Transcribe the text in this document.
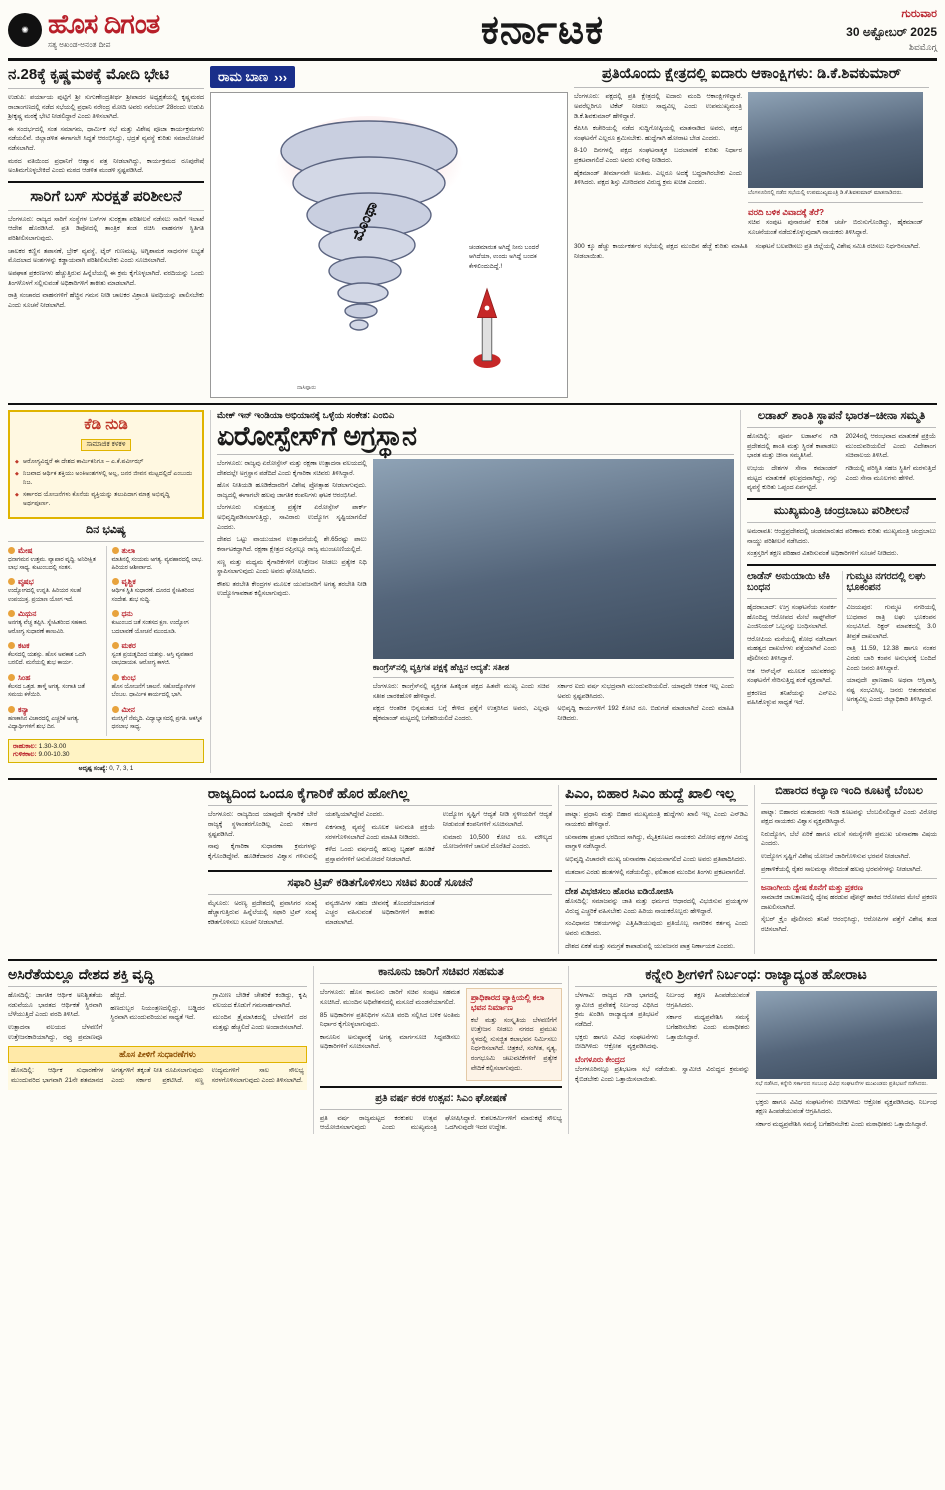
✺ ಹೊಸ ದಿಗಂತ
ಸತ್ಯ ಅಖಂಡ-ಅನಂತ ದೀಪ	ಕರ್ನಾಟಕ	ಗುರುವಾರ
30 ಅಕ್ಟೋಬರ್ 2025
ಶಿವಮೊಗ್ಗ
ನ.28ಕ್ಕೆ ಕೃಷ್ಣಮಠಕ್ಕೆ ಮೋದಿ ಭೇಟಿ

ಉಡುಪಿ: ಪರ್ಯಾಯ ಪುಟ್ಟಿಗೆ ಶ್ರೀ ಸುಗುಣೇಂದ್ರತೀರ್ಥ ಶ್ರೀಪಾದರ ಅಧ್ಯಕ್ಷತೆಯಲ್ಲಿ ಕೃಷ್ಣಮಠದ ರಾಜಾಂಗಣದಲ್ಲಿ ನಡೆದ ಸಭೆಯಲ್ಲಿ ಪ್ರಧಾನಿ ನರೇಂದ್ರ ಮೋದಿ ಅವರು ನವೆಂಬರ್ 28ರಂದು ಉಡುಪಿ ಶ್ರೀಕೃಷ್ಣ ಮಠಕ್ಕೆ ಭೇಟಿ ನೀಡಲಿದ್ದಾರೆ ಎಂದು ತಿಳಿಸಲಾಗಿದೆ.

ಈ ಸಂದರ್ಭದಲ್ಲಿ ಸಂತ ಸಮಾಗಮ, ಧಾರ್ಮಿಕ ಸಭೆ ಮತ್ತು ವಿಶೇಷ ಪೂಜಾ ಕಾರ್ಯಕ್ರಮಗಳು ನಡೆಯಲಿವೆ. ಜಿಲ್ಲಾಡಳಿತ ಈಗಾಗಲೇ ಸಿದ್ಧತೆ ಆರಂಭಿಸಿದ್ದು, ಭದ್ರತೆ ವ್ಯವಸ್ಥೆ ಕುರಿತು ಸಮಾಲೋಚನೆ ನಡೆಸಲಾಗಿದೆ.

ಮಠದ ವತಿಯಿಂದ ಪ್ರಧಾನಿಗೆ ಆಹ್ವಾನ ಪತ್ರ ನೀಡಲಾಗಿದ್ದು, ಕಾರ್ಯಕ್ರಮದ ರೂಪುರೇಷೆ ಅಂತಿಮಗೊಳ್ಳಬೇಕಿದೆ ಎಂದು ಮಠದ ಆಡಳಿತ ಮಂಡಳಿ ಸ್ಪಷ್ಟಪಡಿಸಿದೆ.

ಸಾರಿಗೆ ಬಸ್ ಸುರಕ್ಷತೆ ಪರಿಶೀಲನೆ

ಬೆಂಗಳೂರು: ರಾಜ್ಯದ ಸಾರಿಗೆ ಸಂಸ್ಥೆಗಳ ಬಸ್‌ಗಳ ಸುರಕ್ಷತಾ ಪರಿಶೀಲನೆ ನಡೆಸಲು ಸಾರಿಗೆ ಇಲಾಖೆ ಆದೇಶ ಹೊರಡಿಸಿದೆ. ಪ್ರತಿ ಡಿಪೋದಲ್ಲಿ ತಾಂತ್ರಿಕ ತಂಡ ರಚಿಸಿ ವಾಹನಗಳ ಸ್ಥಿತಿಗತಿ ಪರಿಶೀಲಿಸಲಾಗುವುದು.

ಚಾಲಕರ ಕಣ್ಣಿನ ತಪಾಸಣೆ, ಬ್ರೇಕ್ ವ್ಯವಸ್ಥೆ, ಟೈರ್ ಗುಣಮಟ್ಟ, ಅಗ್ನಿಶಾಮಕ ಸಾಧನಗಳ ಲಭ್ಯತೆ ಮೊದಲಾದ ಅಂಶಗಳನ್ನು ಕಡ್ಡಾಯವಾಗಿ ಪರಿಶೀಲಿಸಬೇಕು ಎಂದು ಸೂಚಿಸಲಾಗಿದೆ.

ಅಪಘಾತ ಪ್ರಕರಣಗಳು ಹೆಚ್ಚುತ್ತಿರುವ ಹಿನ್ನೆಲೆಯಲ್ಲಿ ಈ ಕ್ರಮ ಕೈಗೊಳ್ಳಲಾಗಿದೆ. ವರದಿಯನ್ನು ಒಂದು ತಿಂಗಳೊಳಗೆ ಸಲ್ಲಿಸುವಂತೆ ಅಧಿಕಾರಿಗಳಿಗೆ ತಾಕೀತು ಮಾಡಲಾಗಿದೆ.

ರಾತ್ರಿ ಸಂಚಾರದ ವಾಹನಗಳಿಗೆ ಹೆಚ್ಚಿನ ಗಮನ ನೀಡಿ ಚಾಲಕರ ವಿಶ್ರಾಂತಿ ಅವಧಿಯನ್ನು ಪಾಲಿಸಬೇಕು ಎಂದು ಸೂಚನೆ ನೀಡಲಾಗಿದೆ.

ರಾಮ ಬಾಣ ›››
ಮೊಂಥಾ
ಚಂಡಮಾರುತ ಅಗಿದ್ದೆ ನೀನು ಬಂದರೆ ಆಗಿದೆಯಾ, ಉಂದು ಅಗಿದ್ದೆ ಬಂದಕ ಕೇಳಿಲಿಂದುದಿದ್ದೆ.!
ದಾಸಿಪ್ಪಾರು
ಪ್ರತಿಯೊಂದು ಕ್ಷೇತ್ರದಲ್ಲಿ ಐದಾರು ಆಕಾಂಕ್ಷಿಗಳು: ಡಿ.ಕೆ.ಶಿವಕುಮಾರ್

ಬೆಂಗಳೂರು: ಪಕ್ಷದಲ್ಲಿ ಪ್ರತಿ ಕ್ಷೇತ್ರದಲ್ಲಿ ಐದಾರು ಮಂದಿ ಆಕಾಂಕ್ಷಿಗಳಿದ್ದಾರೆ. ಅವರೆಲ್ಲರಿಗೂ ಟಿಕೆಟ್ ನೀಡಲು ಸಾಧ್ಯವಿಲ್ಲ ಎಂದು ಉಪಮುಖ್ಯಮಂತ್ರಿ ಡಿ.ಕೆ.ಶಿವಕುಮಾರ್ ಹೇಳಿದ್ದಾರೆ.

ಕೆಪಿಸಿಸಿ ಕಚೇರಿಯಲ್ಲಿ ನಡೆದ ಸುದ್ದಿಗೋಷ್ಠಿಯಲ್ಲಿ ಮಾತನಾಡಿದ ಅವರು, ಪಕ್ಷದ ಸಂಘಟನೆಗೆ ಎಲ್ಲರೂ ಶ್ರಮಿಸಬೇಕು. ಹುದ್ದೆಗಾಗಿ ಹೋರಾಟ ಬೇಡ ಎಂದರು.

8-10 ದಿನಗಳಲ್ಲಿ ಪಕ್ಷದ ಸಂಘಟನಾತ್ಮಕ ಬದಲಾವಣೆ ಕುರಿತು ನಿರ್ಧಾರ ಪ್ರಕಟವಾಗಲಿದೆ ಎಂದು ಅವರು ಸುಳಿವು ನೀಡಿದರು.

ಹೈಕಮಾಂಡ್ ತೀರ್ಮಾನವೇ ಅಂತಿಮ. ಎಲ್ಲರೂ ಅದಕ್ಕೆ ಬದ್ಧರಾಗಿರಬೇಕು ಎಂದು ತಿಳಿಸಿದರು. ಪಕ್ಷದ ಶಿಸ್ತು ಮೀರಿದವರ ವಿರುದ್ಧ ಕ್ರಮ ಖಚಿತ ಎಂದರು.

ಬೆಂಗಳೂರಿನಲ್ಲಿ ನಡೆದ ಸಭೆಯಲ್ಲಿ ಉಪಮುಖ್ಯಮಂತ್ರಿ ಡಿ.ಕೆ.ಶಿವಕುಮಾರ್ ಮಾತನಾಡಿದರು.
ವರದಿ ಬಳಿಕ ವಿವಾದಕ್ಕೆ ತೆರೆ?

ಸಚಿವ ಸಂಪುಟ ಪುನಾರಚನೆ ಕುರಿತ ಚರ್ಚೆ ಬಿರುಸುಗೊಂಡಿದ್ದು, ಹೈಕಮಾಂಡ್ ಸೂಚನೆಯಂತೆ ನಡೆದುಕೊಳ್ಳುವುದಾಗಿ ನಾಯಕರು ತಿಳಿಸಿದ್ದಾರೆ.

300 ಕ್ಕೂ ಹೆಚ್ಚು ಕಾರ್ಯಕರ್ತರ ಸಭೆಯಲ್ಲಿ ಪಕ್ಷದ ಮುಂದಿನ ಹೆಜ್ಜೆ ಕುರಿತು ಮಾಹಿತಿ ನೀಡಲಾಯಿತು.

ಸಂಘಟನೆ ಬಲಪಡಿಸಲು ಪ್ರತಿ ಜಿಲ್ಲೆಯಲ್ಲಿ ವಿಶೇಷ ಸಮಿತಿ ರಚಿಸಲು ನಿರ್ಧರಿಸಲಾಗಿದೆ.

ಕೆಡಿ ನುಡಿ
ಸಾಮಾಜಿಕ ಕಳಕಳಿ
◆ ಆರೋಗ್ಯವಿದ್ದರೆ ಈ ದೇಶದ ಕಾರ್ಮಿಕನಿಗೂ – ಎ.ಕೆ.ಪರ್ವೀಝ್
◆ ನಿಜವಾದ ಆರ್ಥಿಕ ಶಕ್ತಿಯು ಅಂಕಿಅಂಶಗಳಲ್ಲಿ ಅಲ್ಲ, ಜನರ ಜೀವನ ಮಟ್ಟದಲ್ಲಿದೆ ಎಂಬುದು ನಿಜ.
◆ ಸರ್ಕಾರದ ಯೋಜನೆಗಳು ಕೊನೆಯ ವ್ಯಕ್ತಿಯನ್ನು ತಲುಪಿದಾಗ ಮಾತ್ರ ಅಭಿವೃದ್ಧಿ ಅರ್ಥಪೂರ್ಣ.
ದಿನ ಭವಿಷ್ಯ
ಮೇಷ
ಧನಾಗಮನ ಉತ್ತಮ. ವ್ಯಾಪಾರ ವೃದ್ಧಿ. ಅನಿರೀಕ್ಷಿತ ಲಾಭ ಸಾಧ್ಯ. ಕುಟುಂಬದಲ್ಲಿ ಸಂತಸ.
ವೃಷಭ
ಉದ್ಯೋಗದಲ್ಲಿ ಉನ್ನತಿ. ಹಿರಿಯರ ಸಲಹೆ ಉಪಯುಕ್ತ. ಪ್ರಯಾಣ ಯೋಗ ಇದೆ.
ಮಿಥುನ
ಅನಗತ್ಯ ವೆಚ್ಚ ತಪ್ಪಿಸಿ. ಸ್ನೇಹಿತರಿಂದ ಸಹಕಾರ. ಆರೋಗ್ಯ ಸುಧಾರಣೆ ಕಾಣುವಿರಿ.
ಕಟಕ
ಕೆಲಸದಲ್ಲಿ ಯಶಸ್ಸು. ಹೊಸ ಅವಕಾಶ ಒದಗಿ ಬರಲಿದೆ. ಮನೆಯಲ್ಲಿ ಶುಭ ಕಾರ್ಯ.
ಸಿಂಹ
ಕೆಲಸದ ಒತ್ತಡ. ತಾಳ್ಮೆ ಅಗತ್ಯ. ಸಂಗಾತಿ ಜತೆ ಸಮಯ ಕಳೆಯಿರಿ.
ಕನ್ಯಾ
ಹಣಕಾಸಿನ ವಿಚಾರದಲ್ಲಿ ಎಚ್ಚರಿಕೆ ಅಗತ್ಯ. ವಿದ್ಯಾರ್ಥಿಗಳಿಗೆ ಶುಭ ದಿನ.
ತುಲಾ
ಮಾತಿನಲ್ಲಿ ಸಂಯಮ ಅಗತ್ಯ. ವ್ಯವಹಾರದಲ್ಲಿ ಲಾಭ. ಹಿರಿಯರ ಆಶೀರ್ವಾದ.
ವೃಶ್ಚಿಕ
ಆರ್ಥಿಕ ಸ್ಥಿತಿ ಸುಧಾರಣೆ. ದೂರದ ಸ್ನೇಹಿತರಿಂದ ಸಂದೇಶ. ಶುಭ ಸುದ್ದಿ.
ಧನು
ಕುಟುಂಬದ ಜತೆ ಸಂತಸದ ಕ್ಷಣ. ಉದ್ಯೋಗ ಬದಲಾವಣೆ ಯೋಚನೆ ಮುಂದೂಡಿ.
ಮಕರ
ಸ್ವಂತ ಪ್ರಯತ್ನದಿಂದ ಯಶಸ್ಸು. ಆಸ್ತಿ ವ್ಯವಹಾರ ಲಾಭದಾಯಕ. ಆರೋಗ್ಯ ಕಾಳಜಿ.
ಕುಂಭ
ಹೊಸ ಯೋಜನೆಗೆ ಚಾಲನೆ. ಸಹೋದ್ಯೋಗಿಗಳ ಬೆಂಬಲ. ಧಾರ್ಮಿಕ ಕಾರ್ಯದಲ್ಲಿ ಭಾಗಿ.
ಮೀನ
ಮನಸ್ಸಿಗೆ ನೆಮ್ಮದಿ. ವಿದ್ಯಾಭ್ಯಾಸದಲ್ಲಿ ಪ್ರಗತಿ. ಆಕಸ್ಮಿಕ ಧನಲಾಭ ಸಾಧ್ಯ.
ರಾಹುಕಾಲ: 1.30-3.00
ಗುಳಿಕಕಾಲ: 9.00-10.30
ಅದೃಷ್ಟ ಸಂಖ್ಯೆ: 0, 7, 3, 1
ಮೇಕ್ ಇನ್ ಇಂಡಿಯಾ ಅಭಿಯಾನಕ್ಕೆ ಒಳ್ಳೆಯ ಸಂಕೇತ: ಎಂಬಿಎ
ಏರೋಸ್ಪೇಸ್‌ಗೆ ಅಗ್ರಸ್ಥಾನ

ಬೆಂಗಳೂರು: ರಾಜ್ಯವು ಏರೋಸ್ಪೇಸ್ ಮತ್ತು ರಕ್ಷಣಾ ಉತ್ಪಾದನಾ ವಲಯದಲ್ಲಿ ದೇಶದಲ್ಲೇ ಅಗ್ರಸ್ಥಾನ ಪಡೆದಿದೆ ಎಂದು ಕೈಗಾರಿಕಾ ಸಚಿವರು ತಿಳಿಸಿದ್ದಾರೆ.

ಹೊಸ ನೀತಿಯಡಿ ಹೂಡಿಕೆದಾರರಿಗೆ ವಿಶೇಷ ಪ್ರೋತ್ಸಾಹ ನೀಡಲಾಗುವುದು. ರಾಜ್ಯದಲ್ಲಿ ಈಗಾಗಲೇ ಹಲವು ಜಾಗತಿಕ ಕಂಪನಿಗಳು ಘಟಕ ಆರಂಭಿಸಿವೆ.

ಬೆಂಗಳೂರು ಸುತ್ತಮುತ್ತ ಪ್ರತ್ಯೇಕ ಏರೋಸ್ಪೇಸ್ ಪಾರ್ಕ್ ಅಭಿವೃದ್ಧಿಪಡಿಸಲಾಗುತ್ತಿದ್ದು, ಸಾವಿರಾರು ಉದ್ಯೋಗ ಸೃಷ್ಟಿಯಾಗಲಿದೆ ಎಂದರು.

ದೇಶದ ಒಟ್ಟು ವಾಯುಯಾನ ಉತ್ಪಾದನೆಯಲ್ಲಿ ಶೇ.65ರಷ್ಟು ಪಾಲು ಕರ್ನಾಟಕದ್ದಾಗಿದೆ. ರಕ್ಷಣಾ ಕ್ಷೇತ್ರದ ರಫ್ತಿನಲ್ಲೂ ರಾಜ್ಯ ಮುಂಚೂಣಿಯಲ್ಲಿದೆ.

ಸಣ್ಣ ಮತ್ತು ಮಧ್ಯಮ ಕೈಗಾರಿಕೆಗಳಿಗೆ ಉತ್ತೇಜನ ನೀಡಲು ಪ್ರತ್ಯೇಕ ನಿಧಿ ಸ್ಥಾಪಿಸಲಾಗುವುದು ಎಂದು ಅವರು ಘೋಷಿಸಿದರು.

ಕೌಶಲ ತರಬೇತಿ ಕೇಂದ್ರಗಳ ಮೂಲಕ ಯುವಜನರಿಗೆ ಅಗತ್ಯ ತರಬೇತಿ ನೀಡಿ ಉದ್ಯೋಗಾವಕಾಶ ಕಲ್ಪಿಸಲಾಗುವುದು.

ಕಾಂಗ್ರೆಸ್‌ನಲ್ಲಿ ವ್ಯಕ್ತಿಗತ ಪಕ್ಷಕ್ಕೆ ಹೆಚ್ಚಿನ ಆದ್ಯತೆ: ಸತೀಶ

ಬೆಂಗಳೂರು: ಕಾಂಗ್ರೆಸ್‌ನಲ್ಲಿ ವ್ಯಕ್ತಿಗತ ಹಿತಕ್ಕಿಂತ ಪಕ್ಷದ ಹಿತವೇ ಮುಖ್ಯ ಎಂದು ಸಚಿವ ಸತೀಶ ಜಾರಕಿಹೊಳಿ ಹೇಳಿದ್ದಾರೆ.

ಪಕ್ಷದ ಆಂತರಿಕ ಭಿನ್ನಮತದ ಬಗ್ಗೆ ಕೇಳಿದ ಪ್ರಶ್ನೆಗೆ ಉತ್ತರಿಸಿದ ಅವರು, ಎಲ್ಲವೂ ಹೈಕಮಾಂಡ್ ಮಟ್ಟದಲ್ಲಿ ಬಗೆಹರಿಯಲಿದೆ ಎಂದರು.

ಸರ್ಕಾರ ಐದು ವರ್ಷ ಸುಭದ್ರವಾಗಿ ಮುಂದುವರಿಯಲಿದೆ. ಯಾವುದೇ ಆತಂಕ ಇಲ್ಲ ಎಂದು ಅವರು ಸ್ಪಷ್ಟಪಡಿಸಿದರು.

ಅಭಿವೃದ್ಧಿ ಕಾರ್ಯಗಳಿಗೆ 192 ಕೋಟಿ ರೂ. ಬಿಡುಗಡೆ ಮಾಡಲಾಗಿದೆ ಎಂದು ಮಾಹಿತಿ ನೀಡಿದರು.

ಲಡಾಖ್ ಶಾಂತಿ ಸ್ಥಾಪನೆ ಭಾರತ–ಚೀನಾ ಸಮ್ಮತಿ

ಹೊಸದಿಲ್ಲಿ: ಪೂರ್ವ ಲಡಾಖ್‌ನ ಗಡಿ ಪ್ರದೇಶದಲ್ಲಿ ಶಾಂತಿ ಮತ್ತು ಸ್ಥಿರತೆ ಕಾಪಾಡಲು ಭಾರತ ಮತ್ತು ಚೀನಾ ಸಮ್ಮತಿಸಿವೆ.

ಉಭಯ ದೇಶಗಳ ಸೇನಾ ಕಮಾಂಡರ್ ಮಟ್ಟದ ಮಾತುಕತೆ ಫಲಪ್ರದವಾಗಿದ್ದು, ಗಸ್ತು ವ್ಯವಸ್ಥೆ ಕುರಿತು ಒಪ್ಪಂದ ಏರ್ಪಟ್ಟಿದೆ.

2024ರಲ್ಲಿ ಆರಂಭವಾದ ಮಾತುಕತೆ ಪ್ರಕ್ರಿಯೆ ಮುಂದುವರಿಯಲಿದೆ ಎಂದು ವಿದೇಶಾಂಗ ಸಚಿವಾಲಯ ತಿಳಿಸಿದೆ.

ಗಡಿಯಲ್ಲಿ ಪರಿಸ್ಥಿತಿ ಸಹಜ ಸ್ಥಿತಿಗೆ ಮರಳುತ್ತಿದೆ ಎಂದು ಸೇನಾ ಮೂಲಗಳು ಹೇಳಿವೆ.

ಮುಖ್ಯಮಂತ್ರಿ ಚಂದ್ರಬಾಬು ಪರಿಶೀಲನೆ

ಅಮರಾವತಿ: ಆಂಧ್ರಪ್ರದೇಶದಲ್ಲಿ ಚಂಡಮಾರುತದ ಪರಿಣಾಮ ಕುರಿತು ಮುಖ್ಯಮಂತ್ರಿ ಚಂದ್ರಬಾಬು ನಾಯ್ಡು ಪರಿಶೀಲನೆ ನಡೆಸಿದರು.

ಸಂತ್ರಸ್ತರಿಗೆ ತಕ್ಷಣ ಪರಿಹಾರ ವಿತರಿಸುವಂತೆ ಅಧಿಕಾರಿಗಳಿಗೆ ಸೂಚನೆ ನೀಡಿದರು.

ಲಾಡೆನ್ ಅನುಯಾಯಿ ಟೆಕಿ ಬಂಧನ

ಹೈದರಾಬಾದ್: ಉಗ್ರ ಸಂಘಟನೆಯ ಸಂಪರ್ಕ ಹೊಂದಿದ್ದ ಆರೋಪದ ಮೇಲೆ ಸಾಫ್ಟ್‌ವೇರ್ ಎಂಜಿನಿಯರ್ ಒಬ್ಬನನ್ನು ಬಂಧಿಸಲಾಗಿದೆ.

ಆರೋಪಿಯ ಮನೆಯಲ್ಲಿ ಶೋಧ ನಡೆಸಿದಾಗ ಮಹತ್ವದ ದಾಖಲೆಗಳು ಪತ್ತೆಯಾಗಿವೆ ಎಂದು ಪೊಲೀಸರು ತಿಳಿಸಿದ್ದಾರೆ.

ಆತ ಆನ್‌ಲೈನ್ ಮೂಲಕ ಯುವಕರನ್ನು ಸಂಘಟನೆಗೆ ಸೇರಿಸುತ್ತಿದ್ದ ಶಂಕೆ ವ್ಯಕ್ತವಾಗಿದೆ.

ಪ್ರಕರಣದ ತನಿಖೆಯನ್ನು ಎನ್‌ಐಎ ವಹಿಸಿಕೊಳ್ಳುವ ಸಾಧ್ಯತೆ ಇದೆ.

ಗುಮ್ಮಟ ನಗರದಲ್ಲಿ ಲಘು ಭೂಕಂಪನ

ವಿಜಯಪುರ: ಗುಮ್ಮಟ ನಗರಿಯಲ್ಲಿ ಬುಧವಾರ ರಾತ್ರಿ ಲಘು ಭೂಕಂಪನ ಸಂಭವಿಸಿದೆ. ರಿಕ್ಟರ್ ಮಾಪಕದಲ್ಲಿ 3.0 ತೀವ್ರತೆ ದಾಖಲಾಗಿದೆ.

ರಾತ್ರಿ 11.59, 12.38 ಹಾಗೂ ನಂತರ ಎರಡು ಬಾರಿ ಕಂಪನ ಅನುಭವಕ್ಕೆ ಬಂದಿದೆ ಎಂದು ಜನರು ತಿಳಿಸಿದ್ದಾರೆ.

ಯಾವುದೇ ಪ್ರಾಣಹಾನಿ ಅಥವಾ ಆಸ್ತಿಪಾಸ್ತಿ ನಷ್ಟ ಸಂಭವಿಸಿಲ್ಲ. ಜನರು ಆತಂಕಪಡುವ ಅಗತ್ಯವಿಲ್ಲ ಎಂದು ಜಿಲ್ಲಾಧಿಕಾರಿ ತಿಳಿಸಿದ್ದಾರೆ.

ರಾಜ್ಯದಿಂದ ಒಂದೂ ಕೈಗಾರಿಕೆ ಹೊರ ಹೋಗಿಲ್ಲ

ಬೆಂಗಳೂರು: ರಾಜ್ಯದಿಂದ ಯಾವುದೇ ಕೈಗಾರಿಕೆ ಬೇರೆ ರಾಜ್ಯಕ್ಕೆ ಸ್ಥಳಾಂತರಗೊಂಡಿಲ್ಲ ಎಂದು ಸರ್ಕಾರ ಸ್ಪಷ್ಟಪಡಿಸಿದೆ.

ನಾವು ಕೈಗಾರಿಕಾ ಸುಧಾರಣಾ ಕ್ರಮಗಳನ್ನು ಕೈಗೊಂಡಿದ್ದೇವೆ. ಹೂಡಿಕೆದಾರರ ವಿಶ್ವಾಸ ಗಳಿಸುವಲ್ಲಿ ಯಶಸ್ವಿಯಾಗಿದ್ದೇವೆ ಎಂದರು.

ಏಕಗವಾಕ್ಷಿ ವ್ಯವಸ್ಥೆ ಮೂಲಕ ಅನುಮತಿ ಪ್ರಕ್ರಿಯೆ ಸರಳಗೊಳಿಸಲಾಗಿದೆ ಎಂದು ಮಾಹಿತಿ ನೀಡಿದರು.

ಕಳೆದ ಒಂದು ವರ್ಷದಲ್ಲಿ ಹಲವು ಬೃಹತ್ ಹೂಡಿಕೆ ಪ್ರಸ್ತಾವನೆಗಳಿಗೆ ಅನುಮೋದನೆ ನೀಡಲಾಗಿದೆ.

ಉದ್ಯೋಗ ಸೃಷ್ಟಿಗೆ ಆದ್ಯತೆ ನೀಡಿ ಸ್ಥಳೀಯರಿಗೆ ಆದ್ಯತೆ ನೀಡುವಂತೆ ಕಂಪನಿಗಳಿಗೆ ಸೂಚಿಸಲಾಗಿದೆ.

ಸುಮಾರು 10,500 ಕೋಟಿ ರೂ. ಮೌಲ್ಯದ ಯೋಜನೆಗಳಿಗೆ ಚಾಲನೆ ದೊರೆತಿದೆ ಎಂದರು.

ಸಫಾರಿ ಟ್ರಿಪ್ ಕಡಿತಗೊಳಿಸಲು ಸಚಿವ ಖಂಡೆ ಸೂಚನೆ

ಮೈಸೂರು: ಅರಣ್ಯ ಪ್ರದೇಶದಲ್ಲಿ ಪ್ರವಾಸಿಗರ ಸಂಖ್ಯೆ ಹೆಚ್ಚಾಗುತ್ತಿರುವ ಹಿನ್ನೆಲೆಯಲ್ಲಿ ಸಫಾರಿ ಟ್ರಿಪ್ ಸಂಖ್ಯೆ ಕಡಿತಗೊಳಿಸಲು ಸೂಚನೆ ನೀಡಲಾಗಿದೆ.

ವನ್ಯಜೀವಿಗಳ ಸಹಜ ಜೀವನಕ್ಕೆ ತೊಂದರೆಯಾಗದಂತೆ ಎಚ್ಚರ ವಹಿಸುವಂತೆ ಅಧಿಕಾರಿಗಳಿಗೆ ತಾಕೀತು ಮಾಡಲಾಗಿದೆ.

ಪಿಎಂ, ಬಿಹಾರ ಸಿಎಂ ಹುದ್ದೆ ಖಾಲಿ ಇಲ್ಲ

ಪಾಟ್ನಾ: ಪ್ರಧಾನಿ ಮತ್ತು ಬಿಹಾರ ಮುಖ್ಯಮಂತ್ರಿ ಹುದ್ದೆಗಳು ಖಾಲಿ ಇಲ್ಲ ಎಂದು ಎನ್‌ಡಿಎ ನಾಯಕರು ಹೇಳಿದ್ದಾರೆ.

ಚುನಾವಣಾ ಪ್ರಚಾರ ಭರದಿಂದ ಸಾಗಿದ್ದು, ಮೈತ್ರಿಕೂಟದ ನಾಯಕರು ವಿರೋಧ ಪಕ್ಷಗಳ ವಿರುದ್ಧ ವಾಗ್ದಾಳಿ ನಡೆಸಿದ್ದಾರೆ.

ಅಭಿವೃದ್ಧಿ ವಿಚಾರವೇ ಮುಖ್ಯ ಚುನಾವಣಾ ವಿಷಯವಾಗಲಿದೆ ಎಂದು ಅವರು ಪ್ರತಿಪಾದಿಸಿದರು.

ಮತದಾನ ಎರಡು ಹಂತಗಳಲ್ಲಿ ನಡೆಯಲಿದ್ದು, ಫಲಿತಾಂಶ ಮುಂದಿನ ತಿಂಗಳು ಪ್ರಕಟವಾಗಲಿದೆ.

ದೇಶ ವಿಭಜಿಸಲು ಹೊರಟ ಐಡಿಯೋಜಿಸಿ

ಹೊಸದಿಲ್ಲಿ: ಸಮಾಜವನ್ನು ಜಾತಿ ಮತ್ತು ಧರ್ಮದ ಆಧಾರದಲ್ಲಿ ವಿಭಜಿಸುವ ಪ್ರಯತ್ನಗಳ ವಿರುದ್ಧ ಎಚ್ಚರಿಕೆ ವಹಿಸಬೇಕು ಎಂದು ಹಿರಿಯ ನಾಯಕರೊಬ್ಬರು ಹೇಳಿದ್ದಾರೆ.

ಸಂವಿಧಾನದ ಆಶಯಗಳನ್ನು ಎತ್ತಿಹಿಡಿಯುವುದು ಪ್ರತಿಯೊಬ್ಬ ನಾಗರಿಕನ ಕರ್ತವ್ಯ ಎಂದು ಅವರು ನುಡಿದರು.

ದೇಶದ ಏಕತೆ ಮತ್ತು ಸಮಗ್ರತೆ ಕಾಪಾಡುವಲ್ಲಿ ಯುವಜನರ ಪಾತ್ರ ನಿರ್ಣಾಯಕ ಎಂದರು.

ಬಿಹಾರದ ಕಲ್ಯಾಣ ಇಂದಿ ಕೂಟಕ್ಕೆ ಬೆಂಬಲ

ಪಾಟ್ನಾ: ಬಿಹಾರದ ಮತದಾರರು ಇಂಡಿ ಕೂಟವನ್ನು ಬೆಂಬಲಿಸಲಿದ್ದಾರೆ ಎಂದು ವಿರೋಧ ಪಕ್ಷದ ನಾಯಕರು ವಿಶ್ವಾಸ ವ್ಯಕ್ತಪಡಿಸಿದ್ದಾರೆ.

ನಿರುದ್ಯೋಗ, ಬೆಲೆ ಏರಿಕೆ ಹಾಗೂ ವಲಸೆ ಸಮಸ್ಯೆಗಳೇ ಪ್ರಮುಖ ಚುನಾವಣಾ ವಿಷಯ ಎಂದರು.

ಉದ್ಯೋಗ ಸೃಷ್ಟಿಗೆ ವಿಶೇಷ ಯೋಜನೆ ಜಾರಿಗೊಳಿಸುವ ಭರವಸೆ ನೀಡಲಾಗಿದೆ.

ಪ್ರಣಾಳಿಕೆಯಲ್ಲಿ ರೈತರ ಸಾಲಮನ್ನಾ ಸೇರಿದಂತೆ ಹಲವು ಭರವಸೆಗಳನ್ನು ನೀಡಲಾಗಿದೆ.

ಜನಾಂಗೀಯ ದ್ವೇಷ ಕೊನೆಗೆ ಮತ್ತು ಪ್ರಕರಣ

ಸಾಮಾಜಿಕ ಜಾಲತಾಣದಲ್ಲಿ ದ್ವೇಷ ಹರಡುವ ಪೋಸ್ಟ್ ಹಾಕಿದ ಆರೋಪದ ಮೇಲೆ ಪ್ರಕರಣ ದಾಖಲಿಸಲಾಗಿದೆ.

ಸೈಬರ್ ಕ್ರೈಂ ಪೊಲೀಸರು ತನಿಖೆ ಆರಂಭಿಸಿದ್ದು, ಆರೋಪಿಗಳ ಪತ್ತೆಗೆ ವಿಶೇಷ ತಂಡ ರಚಿಸಲಾಗಿದೆ.

ಅಸಿರೆತೆಯಲ್ಲೂ ದೇಶದ ಶಕ್ತಿ ವೃದ್ಧಿ

ಹೊಸದಿಲ್ಲಿ: ಜಾಗತಿಕ ಆರ್ಥಿಕ ಅನಿಶ್ಚಿತತೆಯ ನಡುವೆಯೂ ಭಾರತದ ಆರ್ಥಿಕತೆ ಸ್ಥಿರವಾಗಿ ಬೆಳೆಯುತ್ತಿದೆ ಎಂದು ವರದಿ ತಿಳಿಸಿದೆ.

ಉತ್ಪಾದನಾ ವಲಯದ ಬೆಳವಣಿಗೆ ಉತ್ತೇಜನಕಾರಿಯಾಗಿದ್ದು, ರಫ್ತು ಪ್ರಮಾಣವೂ ಹೆಚ್ಚಿದೆ.

ಹಣದುಬ್ಬರ ನಿಯಂತ್ರಣದಲ್ಲಿದ್ದು, ಬಡ್ಡಿದರ ಸ್ಥಿರವಾಗಿ ಮುಂದುವರಿಯುವ ಸಾಧ್ಯತೆ ಇದೆ.

ಗ್ರಾಮೀಣ ಬೇಡಿಕೆ ಚೇತರಿಕೆ ಕಂಡಿದ್ದು, ಕೃಷಿ ವಲಯದ ಕೊಡುಗೆ ಗಮನಾರ್ಹವಾಗಿದೆ.

ಮುಂದಿನ ತ್ರೈಮಾಸಿಕದಲ್ಲಿ ಬೆಳವಣಿಗೆ ದರ ಮತ್ತಷ್ಟು ಹೆಚ್ಚಲಿದೆ ಎಂದು ಅಂದಾಜಿಸಲಾಗಿದೆ.

ಹೊಸ ಪೀಳಿಗೆ ಸುಧಾರಣೆಗಳು

ಹೊಸದಿಲ್ಲಿ: ಆರ್ಥಿಕ ಸುಧಾರಣೆಗಳ ಮುಂದುವರಿದ ಭಾಗವಾಗಿ 21ನೇ ಶತಮಾನದ ಅಗತ್ಯಗಳಿಗೆ ತಕ್ಕಂತೆ ನೀತಿ ರೂಪಿಸಲಾಗುವುದು ಎಂದು ಸರ್ಕಾರ ಪ್ರಕಟಿಸಿದೆ. ಸಣ್ಣ ಉದ್ಯಮಗಳಿಗೆ ಸಾಲ ಸೌಲಭ್ಯ ಸರಳಗೊಳಿಸಲಾಗುವುದು ಎಂದು ತಿಳಿಸಲಾಗಿದೆ.

ಕಾನೂನು ಜಾರಿಗೆ ಸಚಿವರ ಸಹಮತ

ಬೆಂಗಳೂರು: ಹೊಸ ಕಾನೂನು ಜಾರಿಗೆ ಸಚಿವ ಸಂಪುಟ ಸಹಮತ ಸೂಚಿಸಿದೆ. ಮುಂದಿನ ಅಧಿವೇಶನದಲ್ಲಿ ಮಸೂದೆ ಮಂಡನೆಯಾಗಲಿದೆ.

85 ಅಧಿಕಾರಿಗಳ ಪ್ರತಿನಿಧಿಗಳ ಸಮಿತಿ ವರದಿ ಸಲ್ಲಿಸಿದ ಬಳಿಕ ಅಂತಿಮ ನಿರ್ಧಾರ ಕೈಗೊಳ್ಳಲಾಗುವುದು.

ಕಾನೂನಿನ ಅನುಷ್ಠಾನಕ್ಕೆ ಅಗತ್ಯ ಮಾರ್ಗಸೂಚಿ ಸಿದ್ಧಪಡಿಸಲು ಅಧಿಕಾರಿಗಳಿಗೆ ಸೂಚಿಸಲಾಗಿದೆ.

ಪ್ರಾಧಿಕಾರದ ವ್ಯಾಕ್ತಿಯಲ್ಲಿ ಕಲಾ ಭವನ ನಿರ್ಮಾಣ

ಕಲೆ ಮತ್ತು ಸಂಸ್ಕೃತಿಯ ಬೆಳವಣಿಗೆಗೆ ಉತ್ತೇಜನ ನೀಡಲು ನಗರದ ಪ್ರಮುಖ ಸ್ಥಳದಲ್ಲಿ ಸುಸಜ್ಜಿತ ಕಲಾಭವನ ನಿರ್ಮಿಸಲು ನಿರ್ಧರಿಸಲಾಗಿದೆ. ಚಿತ್ರಕಲೆ, ಸಂಗೀತ, ನೃತ್ಯ, ರಂಗಭೂಮಿ ಚಟುವಟಿಕೆಗಳಿಗೆ ಪ್ರತ್ಯೇಕ ವೇದಿಕೆ ಕಲ್ಪಿಸಲಾಗುವುದು.

ಪ್ರತಿ ವರ್ಷ ಕರಕ ಉತ್ಸವ: ಸಿಎಂ ಘೋಷಣೆ

ಪ್ರತಿ ವರ್ಷ ರಾಜ್ಯಮಟ್ಟದ ಕರಕುಶಲ ಉತ್ಸವ ಆಯೋಜಿಸಲಾಗುವುದು ಎಂದು ಮುಖ್ಯಮಂತ್ರಿ ಘೋಷಿಸಿದ್ದಾರೆ. ಕುಶಲಕರ್ಮಿಗಳಿಗೆ ಮಾರುಕಟ್ಟೆ ಸೌಲಭ್ಯ ಒದಗಿಸುವುದೇ ಇದರ ಉದ್ದೇಶ.

ಕನ್ನೇರಿ ಶ್ರೀಗಳಿಗೆ ನಿರ್ಬಂಧ: ರಾಜ್ಯಾದ್ಯಂತ ಹೋರಾಟ

ಬೆಳಗಾವಿ: ರಾಜ್ಯದ ಗಡಿ ಭಾಗದಲ್ಲಿ ಸ್ವಾಮೀಜಿ ಪ್ರವೇಶಕ್ಕೆ ನಿರ್ಬಂಧ ವಿಧಿಸಿದ ಕ್ರಮ ಖಂಡಿಸಿ ರಾಜ್ಯಾದ್ಯಂತ ಪ್ರತಿಭಟನೆ ನಡೆದಿದೆ.

ಭಕ್ತರು ಹಾಗೂ ವಿವಿಧ ಸಂಘಟನೆಗಳು ಬೀದಿಗಿಳಿದು ಆಕ್ರೋಶ ವ್ಯಕ್ತಪಡಿಸಿದವು. ನಿರ್ಬಂಧ ತಕ್ಷಣ ಹಿಂಪಡೆಯುವಂತೆ ಆಗ್ರಹಿಸಿದರು.

ಸರ್ಕಾರ ಮಧ್ಯಪ್ರವೇಶಿಸಿ ಸಮಸ್ಯೆ ಬಗೆಹರಿಸಬೇಕು ಎಂದು ಮಠಾಧೀಶರು ಒತ್ತಾಯಿಸಿದ್ದಾರೆ.

ಬೆಂಗಳೂರು ಕೇಂದ್ರದ

ಬೆಂಗಳೂರಿನಲ್ಲೂ ಪ್ರತಿಭಟನಾ ಸಭೆ ನಡೆಯಿತು. ಸ್ವಾಮೀಜಿ ವಿರುದ್ಧದ ಕ್ರಮವನ್ನು ಕೈಬಿಡಬೇಕು ಎಂದು ಒತ್ತಾಯಿಸಲಾಯಿತು.

ಸಭೆ ನಡೆಸಿದ, ಕನ್ನೇರಿ ಸರ್ಕಾರದ ಸಂಬಂಧ ವಿವಿಧ ಸಂಘಟನೆಗಳ ಮುಖಂಡರು ಪ್ರತಿಭಟನೆ ನಡೆಸಿದರು.

ಭಕ್ತರು ಹಾಗೂ ವಿವಿಧ ಸಂಘಟನೆಗಳು ಬೀದಿಗಿಳಿದು ಆಕ್ರೋಶ ವ್ಯಕ್ತಪಡಿಸಿದವು. ನಿರ್ಬಂಧ ತಕ್ಷಣ ಹಿಂಪಡೆಯುವಂತೆ ಆಗ್ರಹಿಸಿದರು.

ಸರ್ಕಾರ ಮಧ್ಯಪ್ರವೇಶಿಸಿ ಸಮಸ್ಯೆ ಬಗೆಹರಿಸಬೇಕು ಎಂದು ಮಠಾಧೀಶರು ಒತ್ತಾಯಿಸಿದ್ದಾರೆ.
